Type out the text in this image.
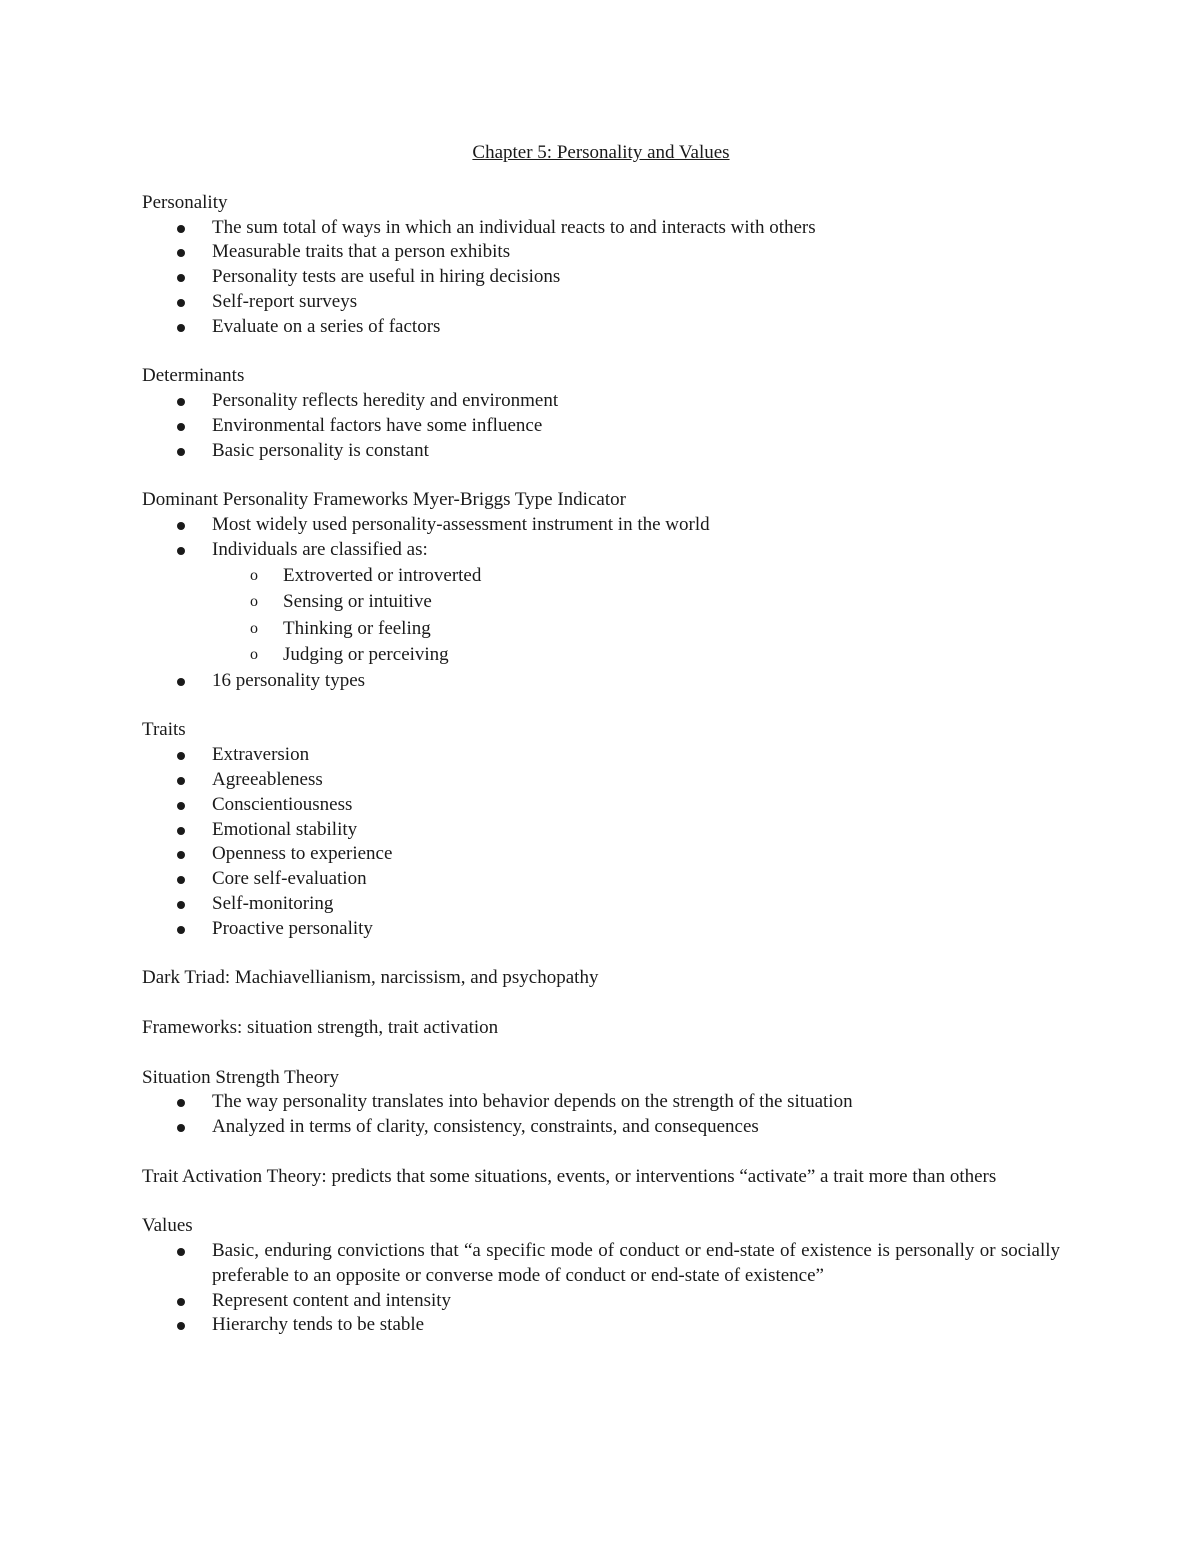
Chapter 5: Personality and Values
Personality
The sum total of ways in which an individual reacts to and interacts with others
Measurable traits that a person exhibits
Personality tests are useful in hiring decisions
Self-report surveys
Evaluate on a series of factors
Determinants
Personality reflects heredity and environment
Environmental factors have some influence
Basic personality is constant
Dominant Personality Frameworks Myer-Briggs Type Indicator
Most widely used personality-assessment instrument in the world
Individuals are classified as:
o Extroverted or introverted
o Sensing or intuitive
o Thinking or feeling
o Judging or perceiving
16 personality types
Traits
Extraversion
Agreeableness
Conscientiousness
Emotional stability
Openness to experience
Core self-evaluation
Self-monitoring
Proactive personality
Dark Triad: Machiavellianism, narcissism, and psychopathy
Frameworks: situation strength, trait activation
Situation Strength Theory
The way personality translates into behavior depends on the strength of the situation
Analyzed in terms of clarity, consistency, constraints, and consequences
Trait Activation Theory: predicts that some situations, events, or interventions “activate” a trait more than others
Values
Basic, enduring convictions that “a specific mode of conduct or end-state of existence is personally or socially preferable to an opposite or converse mode of conduct or end-state of existence”
Represent content and intensity
Hierarchy tends to be stable
